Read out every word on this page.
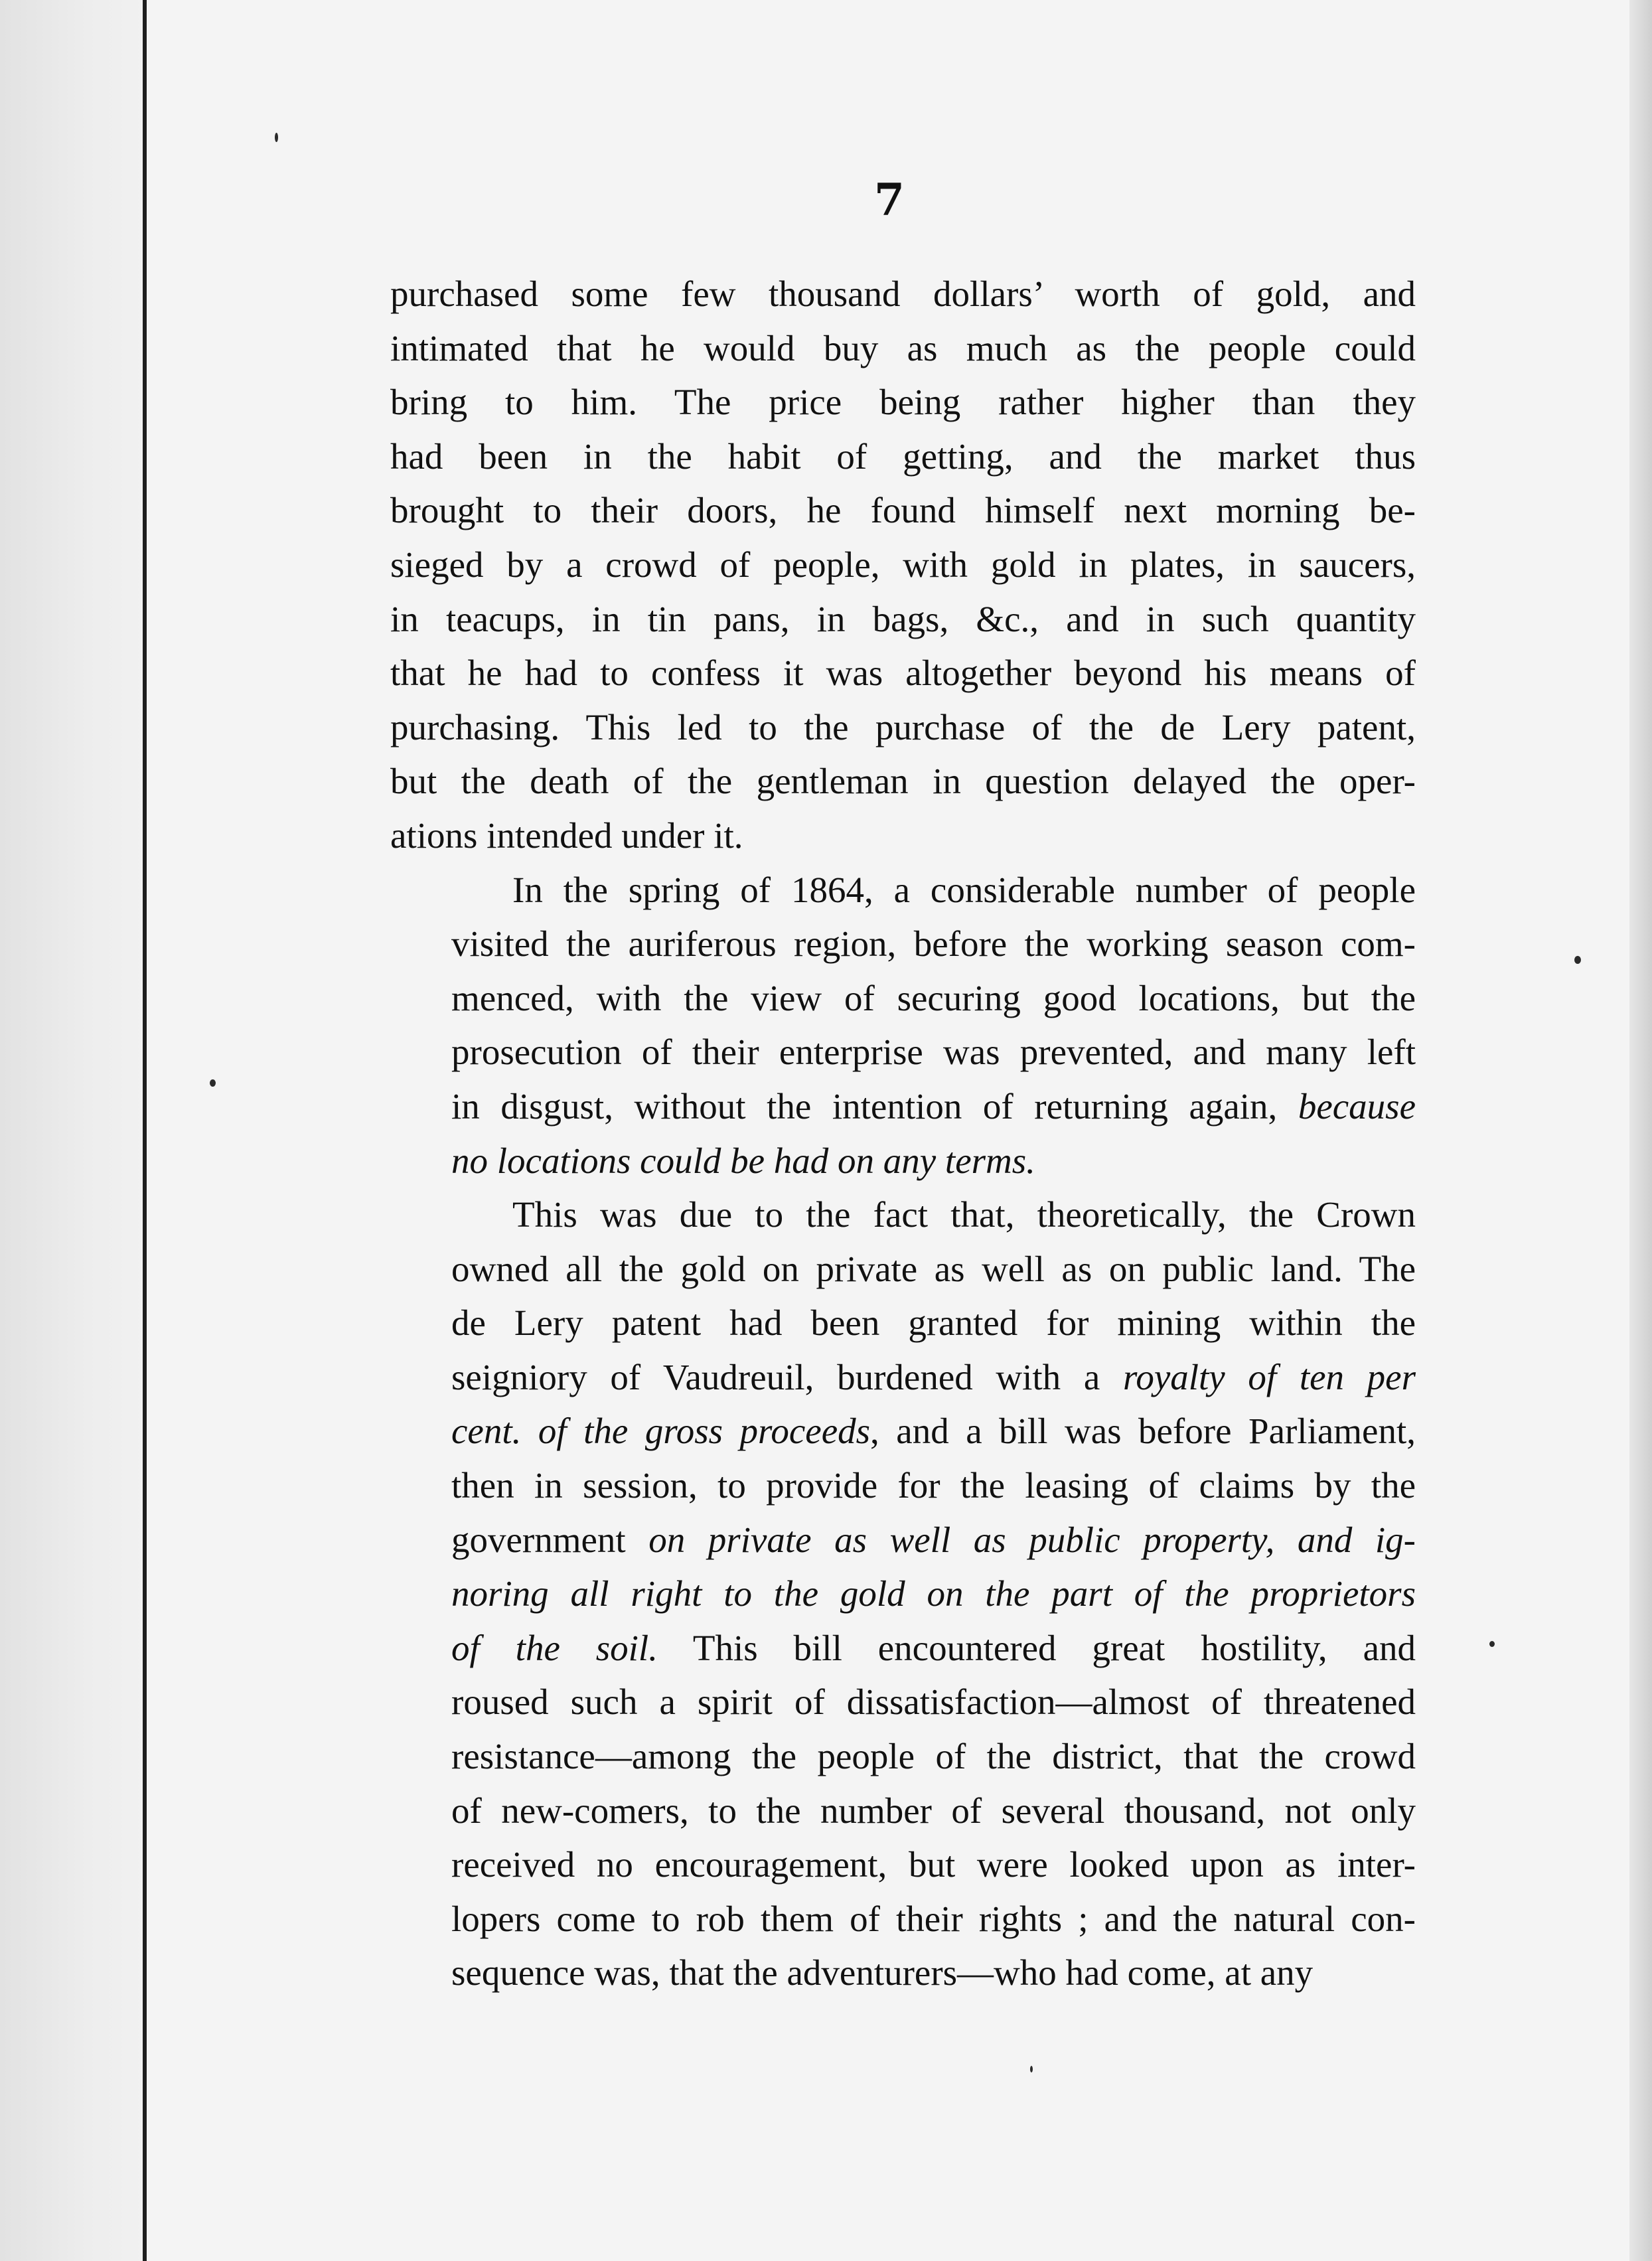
7

purchased some few thousand dollars’ worth of gold, and
intimated that he would buy as much as the people could
bring to him. The price being rather higher than they
had been in the habit of getting, and the market thus
brought to their doors, he found himself next morning be-
sieged by a crowd of people, with gold in plates, in saucers,
in teacups, in tin pans, in bags, &c., and in such quantity
that he had to confess it was altogether beyond his means of
purchasing. This led to the purchase of the de Lery patent,
but the death of the gentleman in question delayed the oper-
ations intended under it.

In the spring of 1864, a considerable number of people
visited the auriferous region, before the working season com-
menced, with the view of securing good locations, but the
prosecution of their enterprise was prevented, and many left
in disgust, without the intention of returning again, because
no locations could be had on any terms.

This was due to the fact that, theoretically, the Crown
owned all the gold on private as well as on public land. The
de Lery patent had been granted for mining within the
seigniory of Vaudreuil, burdened with a royalty of ten per
cent. of the gross proceeds, and a bill was before Parliament,
then in session, to provide for the leasing of claims by the
government on private as well as public property, and ig-
noring all right to the gold on the part of the proprietors
of the soil. This bill encountered great hostility, and
roused such a spirit of dissatisfaction—almost of threatened
resistance—among the people of the district, that the crowd
of new-comers, to the number of several thousand, not only
received no encouragement, but were looked upon as inter-
lopers come to rob them of their rights ; and the natural con-
sequence was, that the adventurers—who had come, at any
